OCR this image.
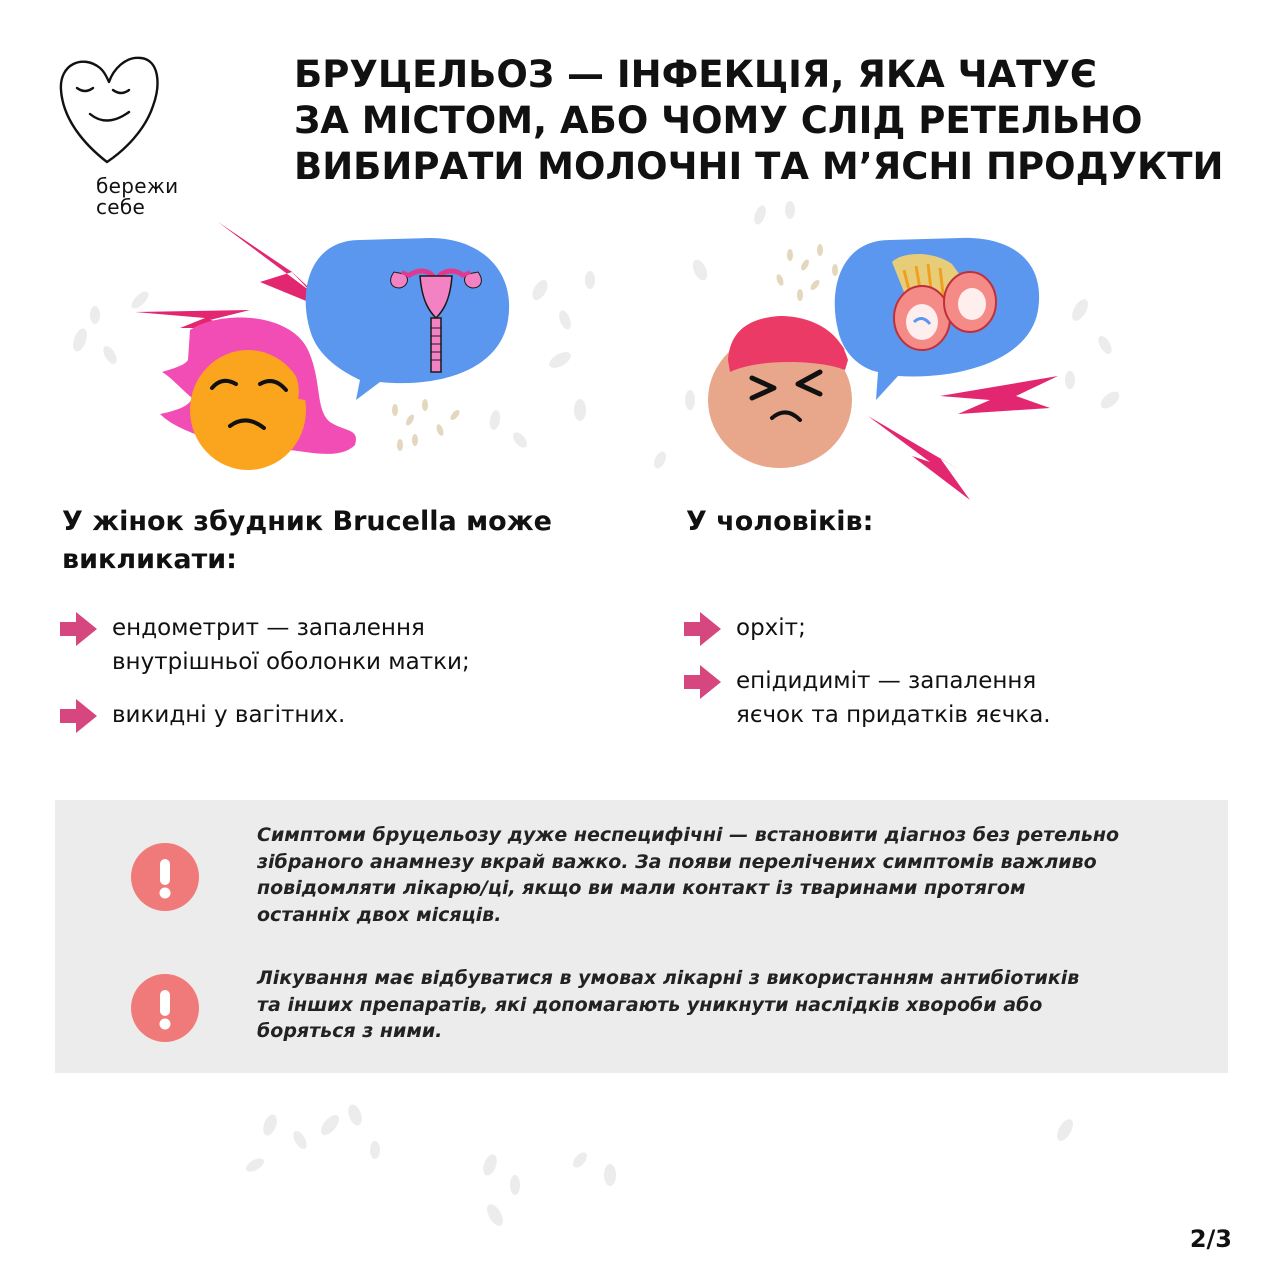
бережи
себе
БРУЦЕЛЬОЗ — ІНФЕКЦІЯ, ЯКА ЧАТУЄ
ЗА МІСТОМ, АБО ЧОМУ СЛІД РЕТЕЛЬНО
ВИБИРАТИ МОЛОЧНІ ТА М’ЯСНІ ПРОДУКТИ
У жінок збудник Brucella може
викликати:
ендометрит — запалення
внутрішньої оболонки матки;
викидні у вагітних.
У чоловіків:
орхіт;
епідидиміт — запалення
яєчок та придатків яєчка.
Симптоми бруцельозу дуже неспецифічні — встановити діагноз без ретельно
зібраного анамнезу вкрай важко. За появи перелічених симптомів важливо
повідомляти лікарю/ці, якщо ви мали контакт із тваринами протягом
останніх двох місяців.
Лікування має відбуватися в умовах лікарні з використанням антибіотиків
та інших препаратів, які допомагають уникнути наслідків хвороби або
боряться з ними.
2/3
